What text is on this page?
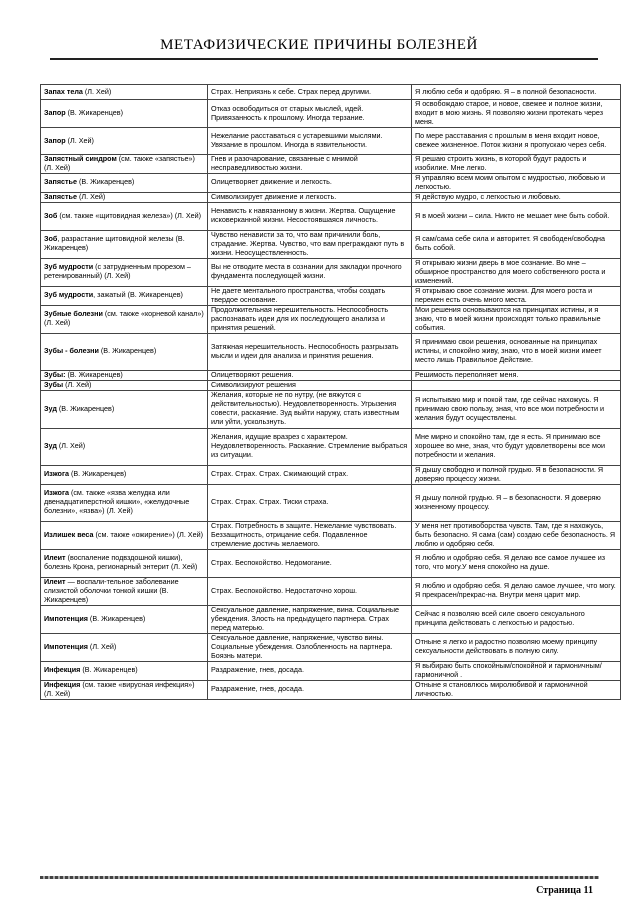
МЕТАФИЗИЧЕСКИЕ ПРИЧИНЫ БОЛЕЗНЕЙ
Запах тела (Л. Хей)	Страх. Неприязнь к себе. Страх перед другими.	Я люблю себя и одобряю. Я – в полной безопасности.
Запор (В. Жикаренцев)	Отказ освободиться от старых мыслей, идей. Привязанность к прошлому. Иногда терзание.	Я освобождаю старое, и новое, свежее и полное жизни, входит в мою жизнь. Я позволяю жизни протекать через меня.
Запор (Л. Хей)	Нежелание расставаться с устаревшими мыслями. Увязание в прошлом. Иногда в язвительности.	По мере расставания с прошлым в меня входит новое, свежее жизненное. Поток жизни я пропускаю через себя.
Запястный синдром (см. также «запястье») (Л. Хей)	Гнев и разочарование, связанные с мнимой несправедливостью жизни.	Я решаю строить жизнь, в которой будут радость и изобилие. Мне легко.
Запястье (В. Жикаренцев)	Олицетворяет движение и легкость.	Я управляю всем моим опытом с мудростью, любовью и легкостью.
Запястье (Л. Хей)	Символизирует движение и легкость.	Я действую мудро, с легкостью и любовью.
Зоб (см. также «щитовидная железа») (Л. Хей)	Ненависть к навязанному в жизни. Жертва. Ощущение исковерканной жизни. Несостоявшаяся личность.	Я в моей жизни – сила. Никто не мешает мне быть собой.
Зоб, разрастание щитовидной железы (В. Жикаренцев)	Чувство ненависти за то, что вам причинили боль, страдание. Жертва. Чувство, что вам преграждают путь в жизни. Неосуществленность.	Я сам/сама себе сила и авторитет. Я свободен/свободна быть собой.
Зуб мудрости (с затрудненным прорезом – ретенированный) (Л. Хей)	Вы не отводите места в сознании для закладки прочного фундамента последующей жизни.	Я открываю жизни дверь в мое сознание. Во мне – обширное пространство для моего собственного роста и изменений.
Зуб мудрости, зажатый (В. Жикаренцев)	Не даете ментального пространства, чтобы создать твердое основание.	Я открываю свое сознание жизни. Для моего роста и перемен есть очень много места.
Зубные болезни (см. также «корневой канал») (Л. Хей)	Продолжительная нерешительность. Неспособность распознавать идеи для их последующего анализа и принятия решений.	Мои решения основываются на принципах истины, и я знаю, что в моей жизни происходят только правильные события.
Зубы - болезни (В. Жикаренцев)	Затяжная нерешительность. Неспособность разгрызать мысли и идеи для анализа и принятия решения.	Я принимаю свои решения, основанные на принципах истины, и спокойно живу, знаю, что в моей жизни имеет место лишь Правильное Действие.
Зубы: (В. Жикаренцев)	Олицетворяют решения.	Решимость переполняет меня.
Зубы (Л. Хей)	Символизируют решения	
Зуд (В. Жикаренцев)	Желания, которые не по нутру, (не вяжутся с действительностью). Неудовлетворенность. Угрызения совести, раскаяние. Зуд выйти наружу, стать известным или уйти, ускользнуть.	Я испытываю мир и покой там, где сейчас нахожусь. Я принимаю свою пользу, зная, что все мои потребности и желания будут осуществлены.
Зуд (Л. Хей)	Желания, идущие вразрез с характером. Неудовлетворенность. Раскаяние. Стремление выбраться из ситуации.	Мне мирно и спокойно там, где я есть. Я принимаю все хорошее во мне, зная, что будут удовлетворены все мои потребности и желания.
Изжога (В. Жикаренцев)	Страх. Страх. Страх. Сжимающий страх.	Я дышу свободно и полной грудью. Я в безопасности. Я доверяю процессу жизни.
Изжога (см. также «язва желудка или двенадцатиперстной кишки», «желудочные болезни», «язва») (Л. Хей)	Страх. Страх. Страх. Тиски страха.	Я дышу полной грудью. Я – в безопасности. Я доверяю жизненному процессу.
Излишек веса (см. также «ожирение») (Л. Хей)	Страх. Потребность в защите. Нежелание чувствовать. Беззащитность, отрицание себя. Подавленное стремление достичь желаемого.	У меня нет противоборства чувств. Там, где я нахожусь, быть безопасно. Я сама (сам) создаю себе безопасность. Я люблю и одобряю себя.
Илеит (воспаление подвздошной кишки), болезнь Крона, регионарный энтерит (Л. Хей)	Страх. Беспокойство. Недомогание.	Я люблю и одобряю себя. Я делаю все самое лучшее из того, что могу.У меня спокойно на душе.
Илеит — воспали-тельное заболевание слизистой оболочки тонкой кишки (В. Жикаренцев)	Страх. Беспокойство. Недостаточно хорош.	Я люблю и одобряю себя. Я делаю самое лучшее, что могу. Я прекрасен/прекрас-на. Внутри меня царит мир.
Импотенция (В. Жикаренцев)	Сексуальное давление, напряжение, вина. Социальные убеждения. Злость на предыдущего партнера. Страх перед матерью.	Сейчас я позволяю всей силе своего сексуального принципа действовать с легкостью и радостью.
Импотенция (Л. Хей)	Сексуальное давление, напряжение, чувство вины. Социальные убеждения. Озлобленность на партнера. Боязнь матери.	Отныне я легко и радостно позволяю моему принципу сексуальности действовать в полную силу.
Инфекция (В. Жикаренцев)	Раздражение, гнев, досада.	Я выбираю быть спокойным/спокойной и гармоничным/гармоничной .
Инфекция (см. также «вирусная инфекция») (Л. Хей)	Раздражение, гнев, досада.	Отныне я становлюсь миролюбивой и гармоничной личностью.
Страница 11
